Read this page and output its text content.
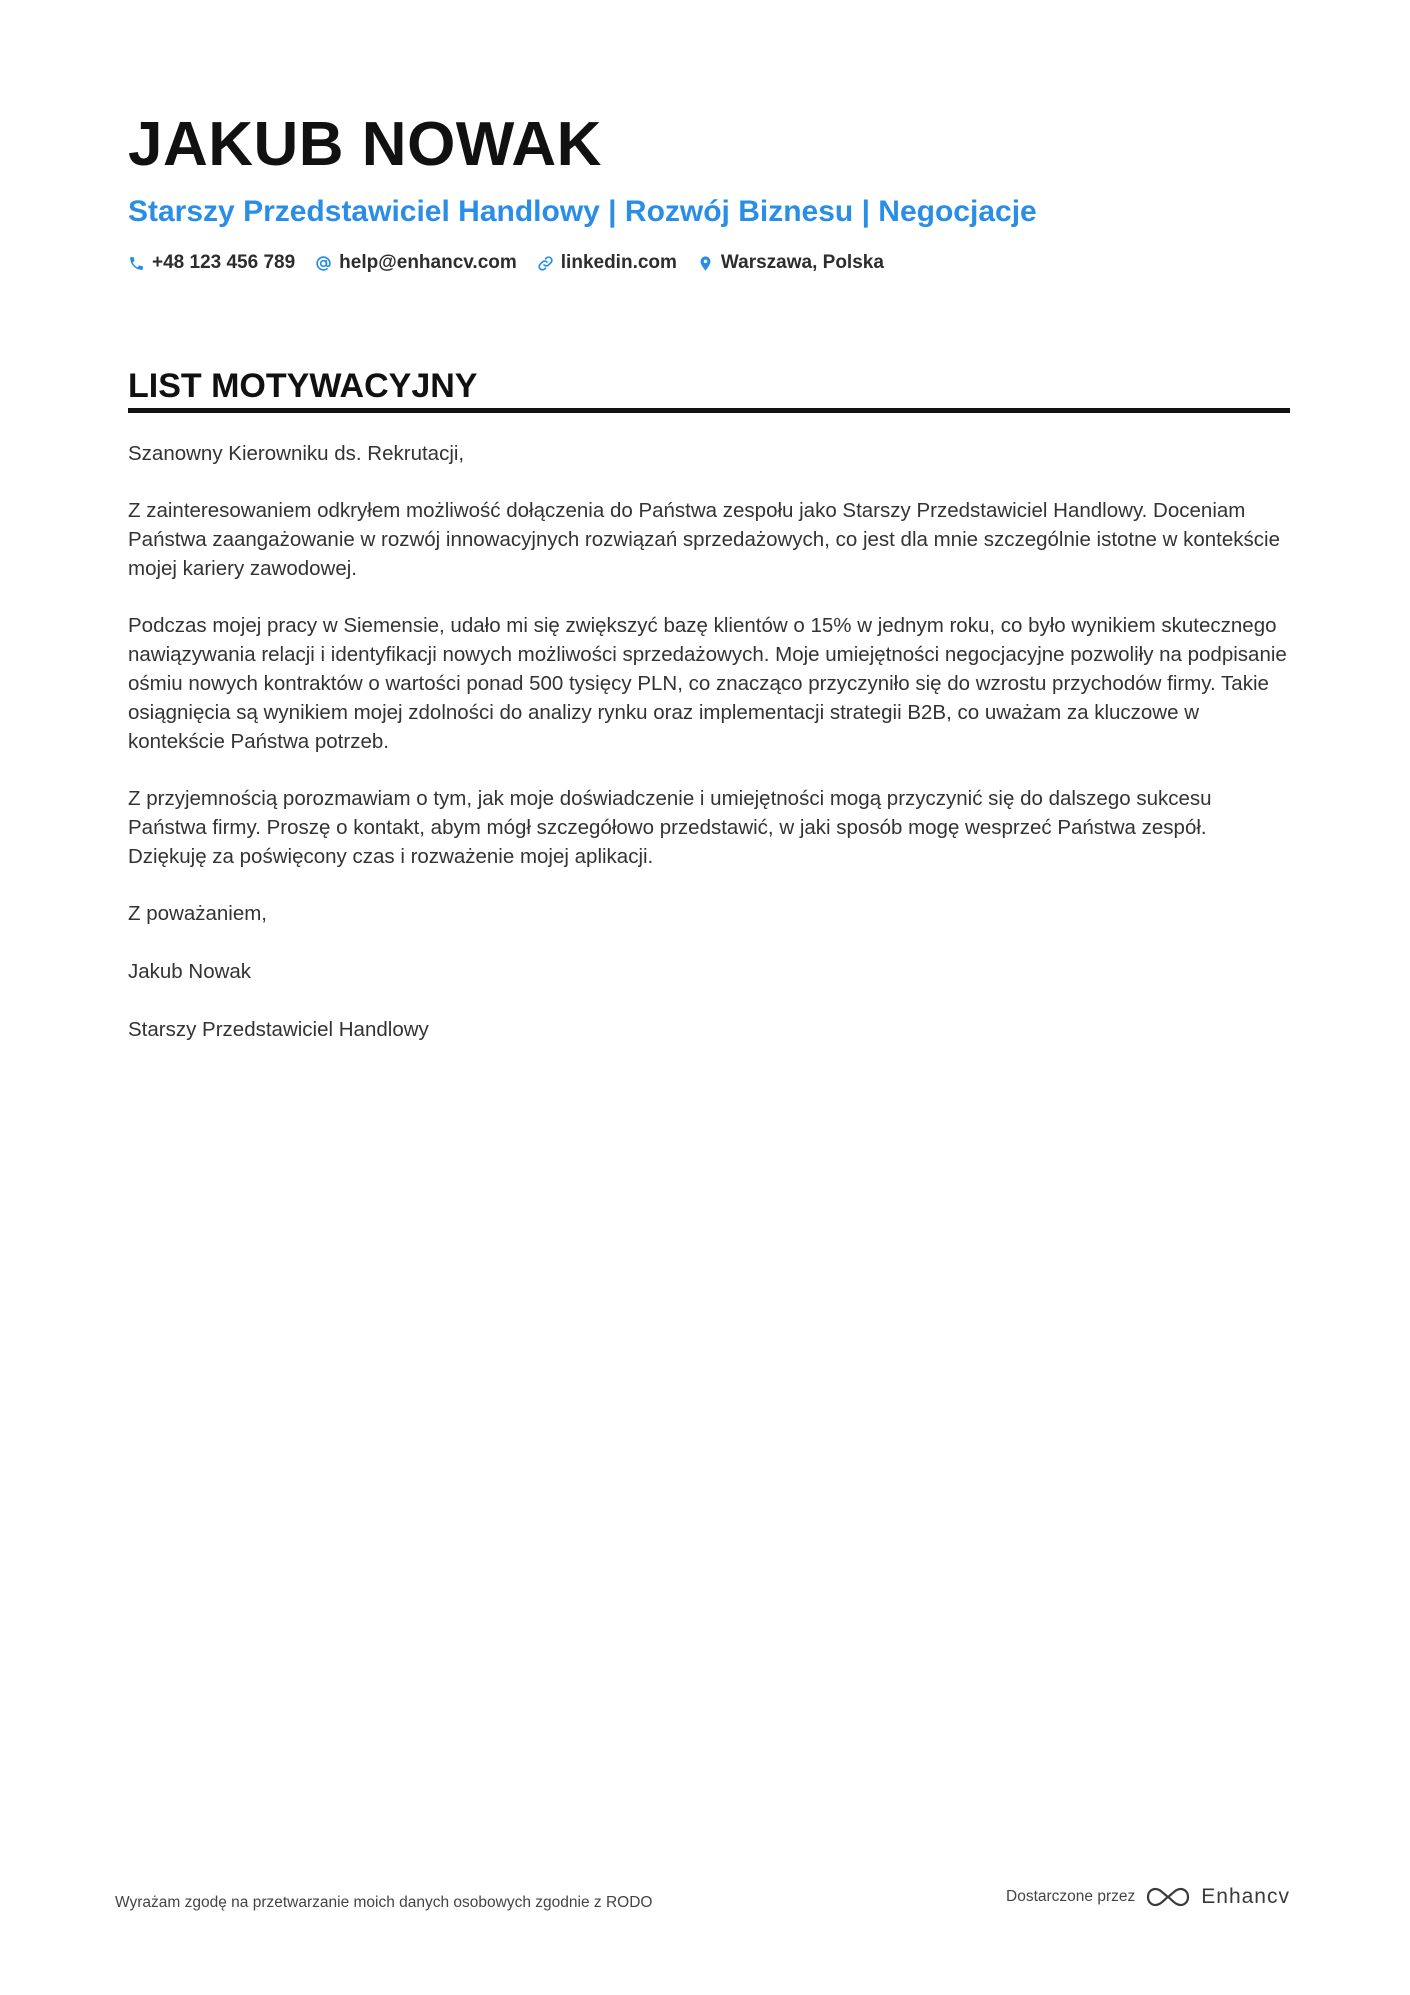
JAKUB NOWAK
Starszy Przedstawiciel Handlowy | Rozwój Biznesu | Negocjacje
+48 123 456 789 help@enhancv.com linkedin.com Warszawa, Polska
LIST MOTYWACYJNY

Szanowny Kierowniku ds. Rekrutacji,

Z zainteresowaniem odkryłem możliwość dołączenia do Państwa zespołu jako Starszy Przedstawiciel Handlowy. Doceniam Państwa zaangażowanie w rozwój innowacyjnych rozwiązań sprzedażowych, co jest dla mnie szczególnie istotne w kontekście mojej kariery zawodowej.

Podczas mojej pracy w Siemensie, udało mi się zwiększyć bazę klientów o 15% w jednym roku, co było wynikiem skutecznego nawiązywania relacji i identyfikacji nowych możliwości sprzedażowych. Moje umiejętności negocjacyjne pozwoliły na podpisanie ośmiu nowych kontraktów o wartości ponad 500 tysięcy PLN, co znacząco przyczyniło się do wzrostu przychodów firmy. Takie osiągnięcia są wynikiem mojej zdolności do analizy rynku oraz implementacji strategii B2B, co uważam za kluczowe w kontekście Państwa potrzeb.

Z przyjemnością porozmawiam o tym, jak moje doświadczenie i umiejętności mogą przyczynić się do dalszego sukcesu Państwa firmy. Proszę o kontakt, abym mógł szczegółowo przedstawić, w jaki sposób mogę wesprzeć Państwa zespół. Dziękuję za poświęcony czas i rozważenie mojej aplikacji.

Z poważaniem,

Jakub Nowak

Starszy Przedstawiciel Handlowy

Wyrażam zgodę na przetwarzanie moich danych osobowych zgodnie z RODO	Dostarczone przez	Enhancv
